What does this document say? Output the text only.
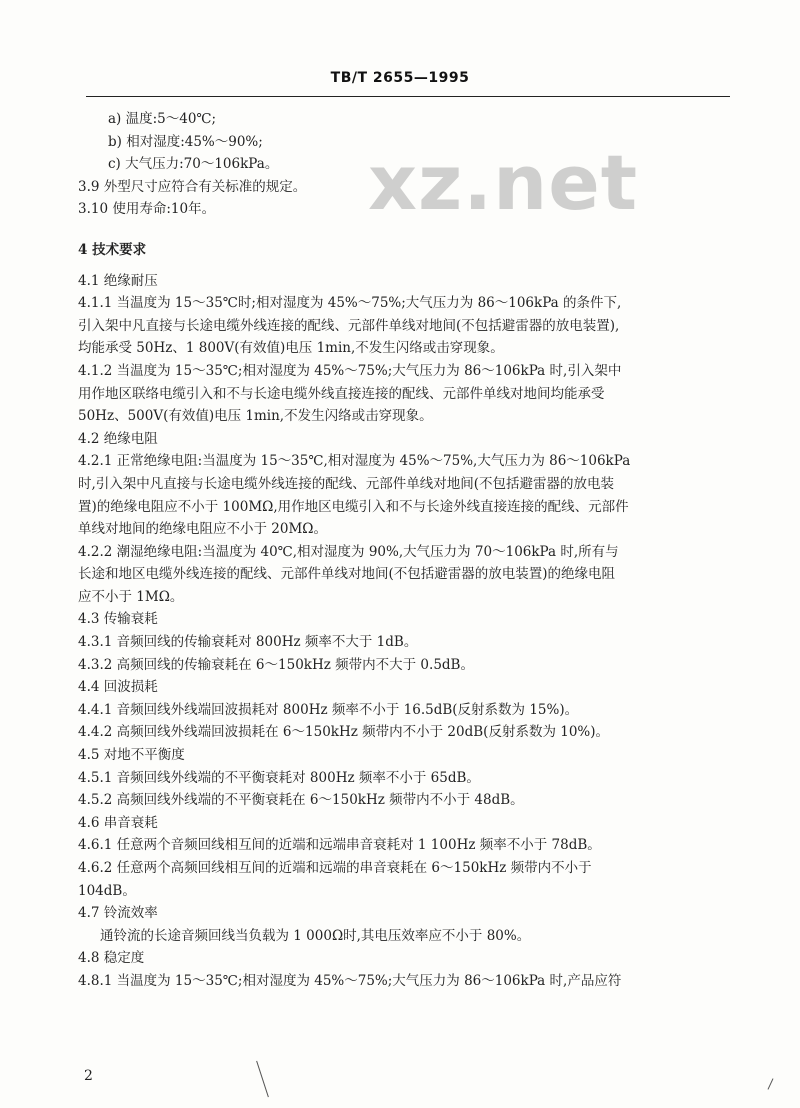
TB/T 2655—1995
xz.net
a) 温度:5～40℃;
b) 相对湿度:45%～90%;
c) 大气压力:70～106kPa。
3.9 外型尺寸应符合有关标准的规定。
3.10 使用寿命:10年。
4 技术要求
4.1 绝缘耐压
4.1.1 当温度为 15～35℃时;相对湿度为 45%～75%;大气压力为 86～106kPa 的条件下,
引入架中凡直接与长途电缆外线连接的配线、元部件单线对地间(不包括避雷器的放电装置),
均能承受 50Hz、1 800V(有效值)电压 1min,不发生闪络或击穿现象。
4.1.2 当温度为 15～35℃;相对湿度为 45%～75%;大气压力为 86～106kPa 时,引入架中
用作地区联络电缆引入和不与长途电缆外线直接连接的配线、元部件单线对地间均能承受
50Hz、500V(有效值)电压 1min,不发生闪络或击穿现象。
4.2 绝缘电阻
4.2.1 正常绝缘电阻:当温度为 15～35℃,相对湿度为 45%～75%,大气压力为 86～106kPa
时,引入架中凡直接与长途电缆外线连接的配线、元部件单线对地间(不包括避雷器的放电装
置)的绝缘电阻应不小于 100MΩ,用作地区电缆引入和不与长途外线直接连接的配线、元部件
单线对地间的绝缘电阻应不小于 20MΩ。
4.2.2 潮湿绝缘电阻:当温度为 40℃,相对湿度为 90%,大气压力为 70～106kPa 时,所有与
长途和地区电缆外线连接的配线、元部件单线对地间(不包括避雷器的放电装置)的绝缘电阻
应不小于 1MΩ。
4.3 传输衰耗
4.3.1 音频回线的传输衰耗对 800Hz 频率不大于 1dB。
4.3.2 高频回线的传输衰耗在 6～150kHz 频带内不大于 0.5dB。
4.4 回波损耗
4.4.1 音频回线外线端回波损耗对 800Hz 频率不小于 16.5dB(反射系数为 15%)。
4.4.2 高频回线外线端回波损耗在 6～150kHz 频带内不小于 20dB(反射系数为 10%)。
4.5 对地不平衡度
4.5.1 音频回线外线端的不平衡衰耗对 800Hz 频率不小于 65dB。
4.5.2 高频回线外线端的不平衡衰耗在 6～150kHz 频带内不小于 48dB。
4.6 串音衰耗
4.6.1 任意两个音频回线相互间的近端和远端串音衰耗对 1 100Hz 频率不小于 78dB。
4.6.2 任意两个高频回线相互间的近端和远端的串音衰耗在 6～150kHz 频带内不小于
104dB。
4.7 铃流效率
通铃流的长途音频回线当负载为 1 000Ω时,其电压效率应不小于 80%。
4.8 稳定度
4.8.1 当温度为 15～35℃;相对湿度为 45%～75%;大气压力为 86～106kPa 时,产品应符
2
